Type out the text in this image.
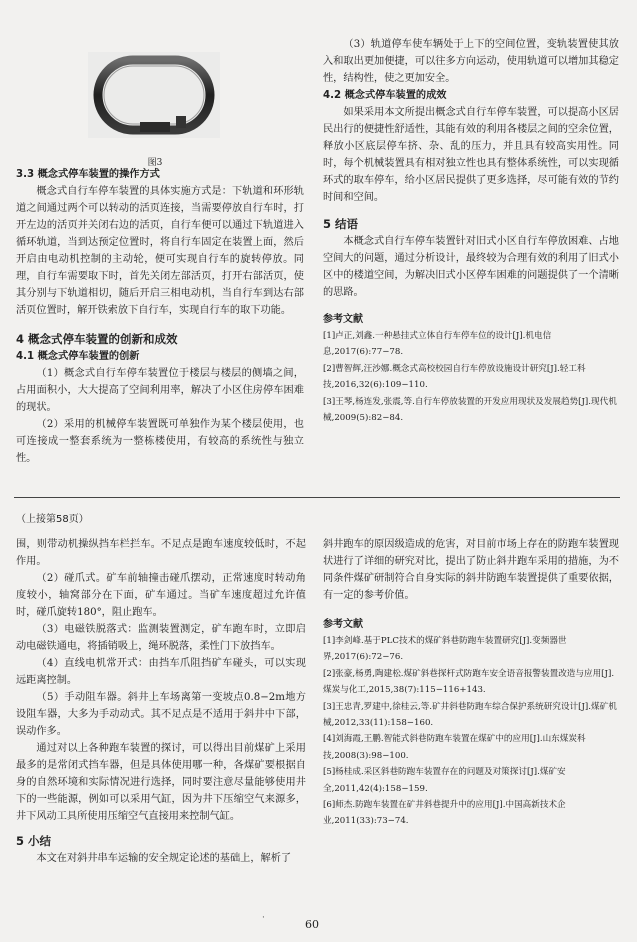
图3
3.3 概念式停车装置的操作方式

概念式自行车停车装置的具体实施方式是：下轨道和环形轨道之间通过两个可以转动的活页连接，当需要停放自行车时，打开左边的活页并关闭右边的活页，自行车便可以通过下轨道进入循环轨道，当到达预定位置时，将自行车固定在装置上面，然后开启由电动机控制的主动轮，便可实现自行车的旋转停放。同理，自行车需要取下时，首先关闭左部活页，打开右部活页，使其分别与下轨道相切，随后开启三相电动机，当自行车到达右部活页位置时，解开铁索放下自行车，实现自行车的取下功能。

4 概念式停车装置的创新和成效
4.1 概念式停车装置的创新

（1）概念式自行车停车装置位于楼层与楼层的侧墙之间，占用面积小，大大提高了空间利用率，解决了小区住房停车困难的现状。

（2）采用的机械停车装置既可单独作为某个楼层使用，也可连接成一整套系统为一整栋楼使用，有较高的系统性与独立性。

（3）轨道停车使车辆处于上下的空间位置，变轨装置使其放入和取出更加便捷，可以往多方向运动，使用轨道可以增加其稳定性，结构性，使之更加安全。

4.2 概念式停车装置的成效

如果采用本文所提出概念式自行车停车装置，可以提高小区居民出行的便捷性舒适性，其能有效的利用各楼层之间的空余位置，释放小区底层停车挤、杂、乱的压力，并且具有较高实用性。同时，每个机械装置具有相对独立性也具有整体系统性，可以实现循环式的取车停车，给小区居民提供了更多选择，尽可能有效的节约时间和空间。

5 结语

本概念式自行车停车装置针对旧式小区自行车停放困难、占地空间大的问题，通过分析设计，最终较为合理有效的利用了旧式小区中的楼道空间，为解决旧式小区停车困难的问题提供了一个清晰的思路。

参考文献
[1]卢正,刘鑫.一种悬挂式立体自行车停车位的设计[J].机电信息,2017(6):77−78.
[2]曹智辉,汪沙娜.概念式高校校园自行车停放设施设计研究[J].轻工科技,2016,32(6):109−110.
[3]王琴,杨连发,张震,等.自行车停放装置的开发应用现状及发展趋势[J].现代机械,2009(5):82−84.
（上接第58页）

围，则带动机操纵挡车栏拦车。不足点是跑车速度较低时，不起作用。

（2）碰爪式。矿车前轴撞击碰爪摆动，正常速度时转动角度较小，轴窝部分在下面，矿车通过。当矿车速度超过允许值时，碰爪旋转180°，阻止跑车。

（3）电磁铁脱落式：监测装置测定，矿车跑车时，立即启动电磁铁通电，将插销吸上，绳环脱落，柔性门下放挡车。

（4）直线电机常开式：由挡车爪阻挡矿车碰头，可以实现远距离控制。

（5）手动阻车器。斜井上车场离第一变坡点0.8−2m地方设阻车器，大多为手动动式。其不足点是不适用于斜井中下部，误动作多。

通过对以上各种跑车装置的探讨，可以得出目前煤矿上采用最多的是常闭式挡车器，但是具体使用哪一种，各煤矿要根据自身的自然环境和实际情况进行选择，同时要注意尽量能够使用井下的一些能源，例如可以采用气缸，因为井下压缩空气来源多，井下风动工具所使用压缩空气直接用来控制气缸。

5 小结

本文在对斜井串车运输的安全规定论述的基础上，解析了

斜井跑车的原因级造成的危害，对目前市场上存在的防跑车装置现状进行了详细的研究对比，提出了防止斜井跑车采用的措施，为不同条件煤矿研制符合自身实际的斜井防跑车装置提供了重要依据，有一定的参考价值。

参考文献
[1]李剑峰.基于PLC技术的煤矿斜巷防跑车装置研究[J].变频器世界,2017(6):72−76.
[2]张豪,杨勇,陶建松.煤矿斜巷探杆式防跑车安全语音报警装置改造与应用[J].煤炭与化工,2015,38(7):115−116+143.
[3]王忠青,罗建中,徐桂云,等.矿井斜巷防跑车综合保护系统研究设计[J].煤矿机械,2012,33(11):158−160.
[4]刘海霞,王鹏.智能式斜巷防跑车装置在煤矿中的应用[J].山东煤炭科技,2008(3):98−100.
[5]杨桂成.采区斜巷防跑车装置存在的问题及对策探讨[J].煤矿安全,2011,42(4):158−159.
[6]师杰.防跑车装置在矿井斜巷提升中的应用[J].中国高新技术企业,2011(33):73−74.
·	60
